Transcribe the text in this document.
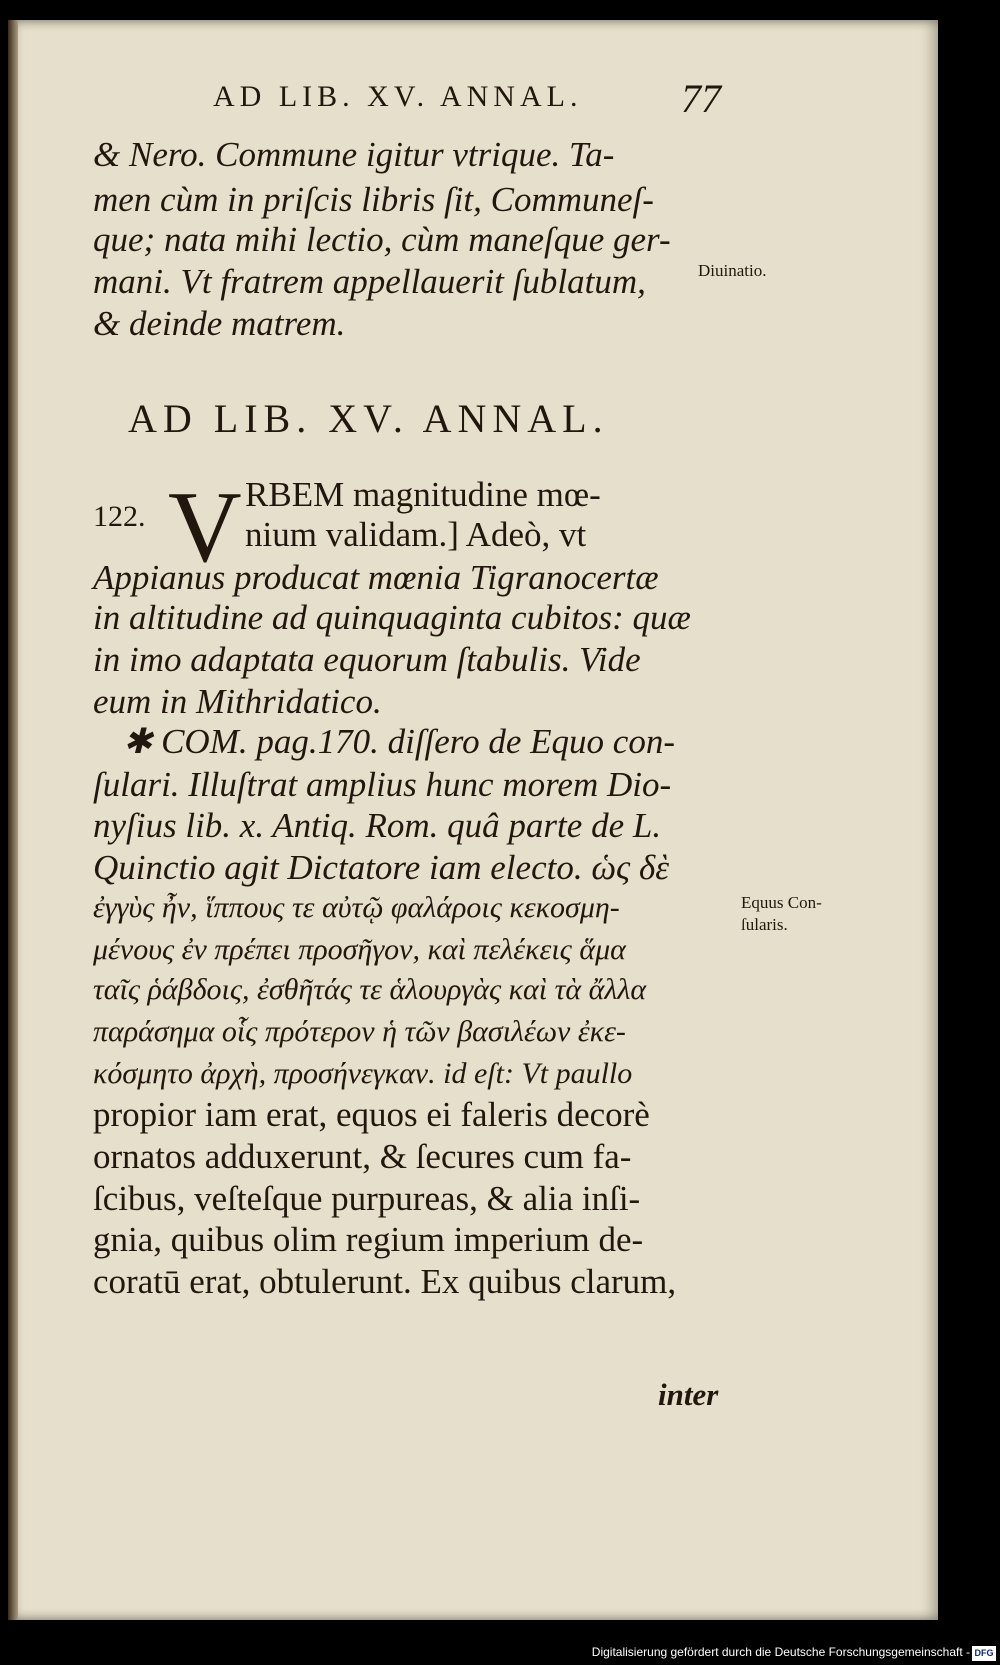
AD LIB. XV. ANNAL. 77
& Nero. Commune igitur vtrique. Ta-
men cùm in priſcis libris ſit, Communeſ-
que; nata mihi lectio, cùm maneſque ger-
mani. Vt fratrem appellauerit ſublatum,
& deinde matrem.
Diuinatio.
AD LIB. XV. ANNAL.
122. V RBEM magnitudine mœ-
nium validam.] Adeò, vt
Appianus producat mœnia Tigranocertæ
in altitudine ad quinquaginta cubitos: quæ
in imo adaptata equorum ſtabulis. Vide
eum in Mithridatico.
✱ COM. pag.170. diſſero de Equo con-
ſulari. Illuſtrat amplius hunc morem Dio-
nyſius lib. x. Antiq. Rom. quâ parte de L.
Quinctio agit Dictatore iam electo. ὡς δὲ
ἐγγὺς ἦν, ἵππους τε αὐτῷ φαλάροις κεκοσμη-
μένους ἐν πρέπει προσῆγον, καὶ πελέκεις ἅμα
ταῖς ῥάβδοις, ἐσθῆτάς τε ἁλουργὰς καὶ τὰ ἄλλα
παράσημα οἷς πρότερον ἡ τῶν βασιλέων ἐκε-
κόσμητο ἀρχὴ, προσήνεγκαν. id eſt: Vt paullo
propior iam erat, equos ei faleris decorè
ornatos adduxerunt, & ſecures cum fa-
ſcibus, veſteſque purpureas, & alia inſi-
gnia, quibus olim regium imperium de-
coratū erat, obtulerunt. Ex quibus clarum,
Equus Con-
ſularis.
inter
Digitalisierung gefördert durch die Deutsche Forschungsgemeinschaft - DFG
